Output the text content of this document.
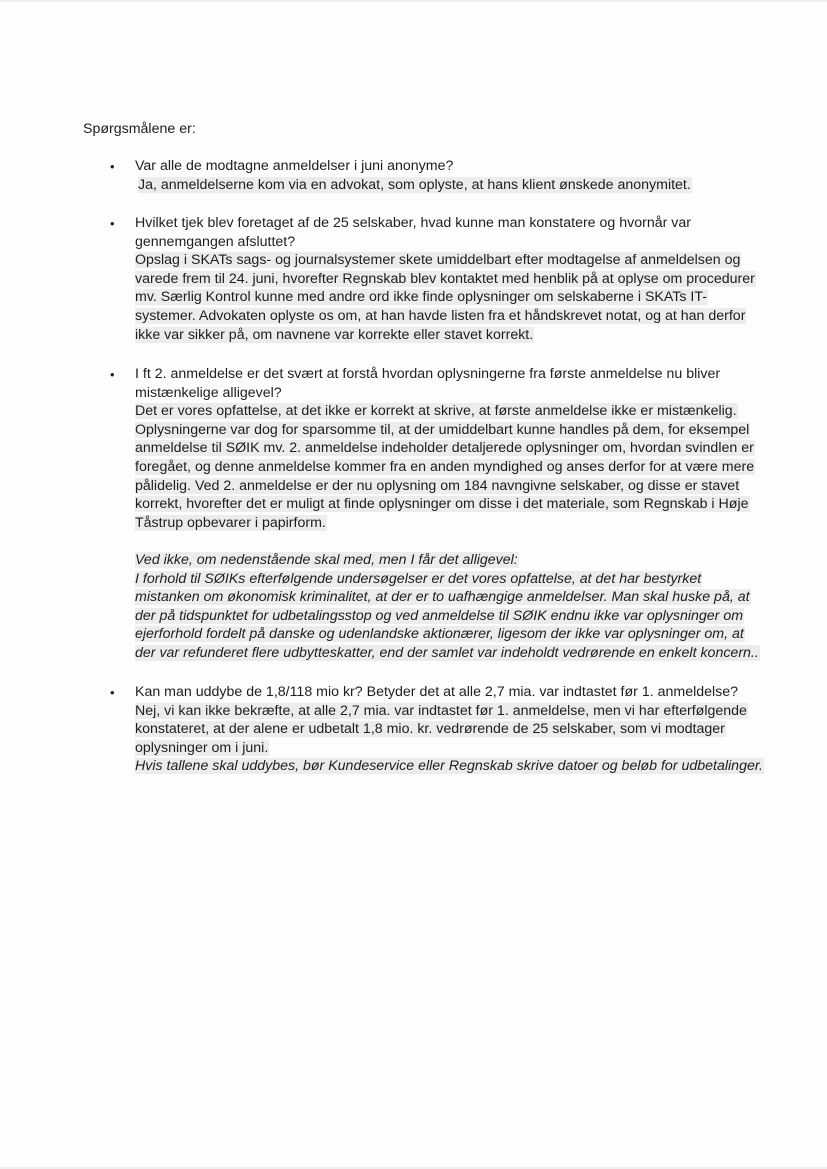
Spørgsmålene er:
• Var alle de modtagne anmeldelser i juni anonyme?
Ja, anmeldelserne kom via en advokat, som oplyste, at hans klient ønskede anonymitet.
• Hvilket tjek blev foretaget af de 25 selskaber, hvad kunne man konstatere og hvornår var
gennemgangen afsluttet?
Opslag i SKATs sags- og journalsystemer skete umiddelbart efter modtagelse af anmeldelsen og
varede frem til 24. juni, hvorefter Regnskab blev kontaktet med henblik på at oplyse om procedurer
mv. Særlig Kontrol kunne med andre ord ikke finde oplysninger om selskaberne i SKATs IT-
systemer. Advokaten oplyste os om, at han havde listen fra et håndskrevet notat, og at han derfor
ikke var sikker på, om navnene var korrekte eller stavet korrekt.
• I ft 2. anmeldelse er det svært at forstå hvordan oplysningerne fra første anmeldelse nu bliver
mistænkelige alligevel?
Det er vores opfattelse, at det ikke er korrekt at skrive, at første anmeldelse ikke er mistænkelig.
Oplysningerne var dog for sparsomme til, at der umiddelbart kunne handles på dem, for eksempel
anmeldelse til SØIK mv. 2. anmeldelse indeholder detaljerede oplysninger om, hvordan svindlen er
foregået, og denne anmeldelse kommer fra en anden myndighed og anses derfor for at være mere
pålidelig. Ved 2. anmeldelse er der nu oplysning om 184 navngivne selskaber, og disse er stavet
korrekt, hvorefter det er muligt at finde oplysninger om disse i det materiale, som Regnskab i Høje
Tåstrup opbevarer i papirform.
Ved ikke, om nedenstående skal med, men I får det alligevel:
I forhold til SØIKs efterfølgende undersøgelser er det vores opfattelse, at det har bestyrket
mistanken om økonomisk kriminalitet, at der er to uafhængige anmeldelser. Man skal huske på, at
der på tidspunktet for udbetalingsstop og ved anmeldelse til SØIK endnu ikke var oplysninger om
ejerforhold fordelt på danske og udenlandske aktionærer, ligesom der ikke var oplysninger om, at
der var refunderet flere udbytteskatter, end der samlet var indeholdt vedrørende en enkelt koncern..
• Kan man uddybe de 1,8/118 mio kr? Betyder det at alle 2,7 mia. var indtastet før 1. anmeldelse?
Nej, vi kan ikke bekræfte, at alle 2,7 mia. var indtastet før 1. anmeldelse, men vi har efterfølgende
konstateret, at der alene er udbetalt 1,8 mio. kr. vedrørende de 25 selskaber, som vi modtager
oplysninger om i juni.
Hvis tallene skal uddybes, bør Kundeservice eller Regnskab skrive datoer og beløb for udbetalinger.
